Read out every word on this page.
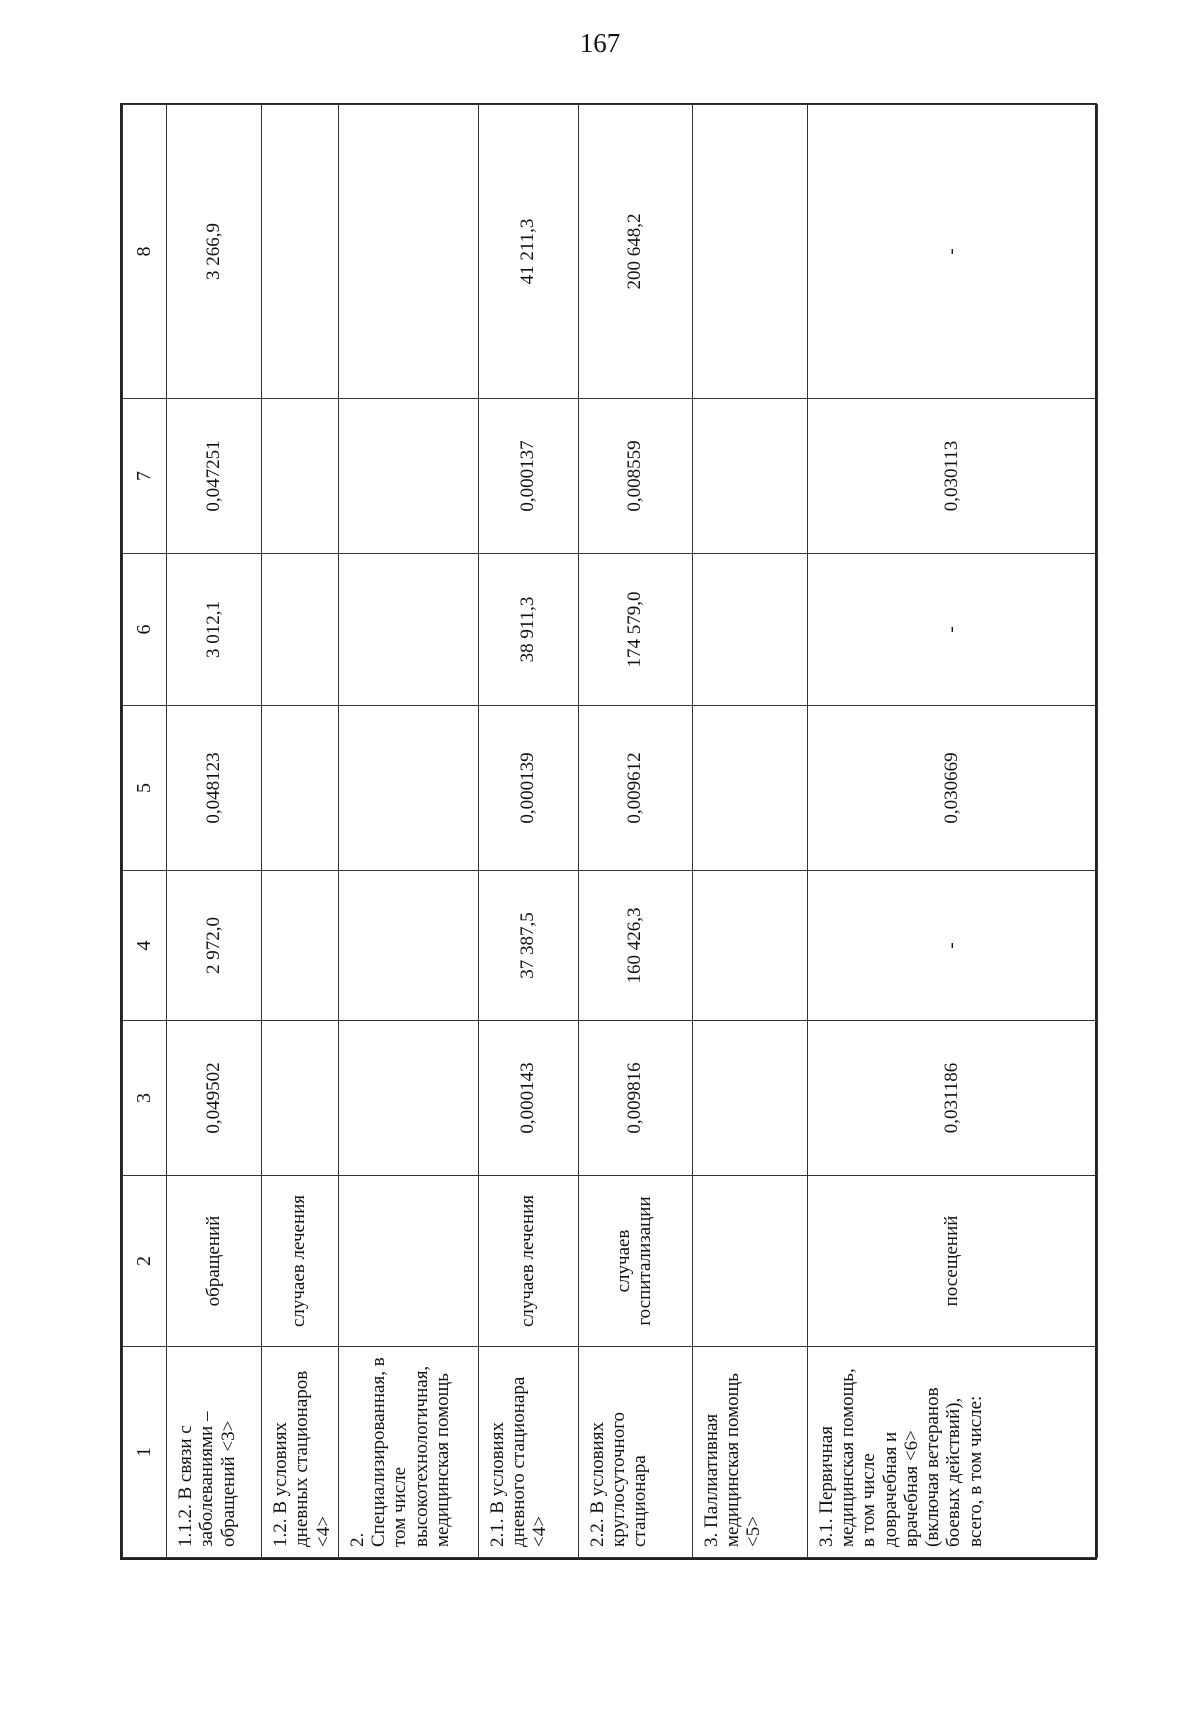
167
1	2	3	4	5	6	7	8
1.1.2. В связи с заболеваниями – обращений <3>	обращений	0,049502	2 972,0	0,048123	3 012,1	0,047251	3 266,9
1.2. В условиях дневных стационаров <4>	случаев лечения						
2. Специализированная, в том числе высокотехнологичная, медицинская помощь							
2.1. В условиях дневного стационара <4>	случаев лечения	0,000143	37 387,5	0,000139	38 911,3	0,000137	41 211,3
2.2. В условиях круглосуточного стационара	случаев госпитализации	0,009816	160 426,3	0,009612	174 579,0	0,008559	200 648,2
3. Паллиативная медицинская помощь <5>							
3.1. Первичная медицинская помощь, в том числе доврачебная и врачебная <6> (включая ветеранов боевых действий), всего, в том числе:	посещений	0,031186	-	0,030669	-	0,030113	-
